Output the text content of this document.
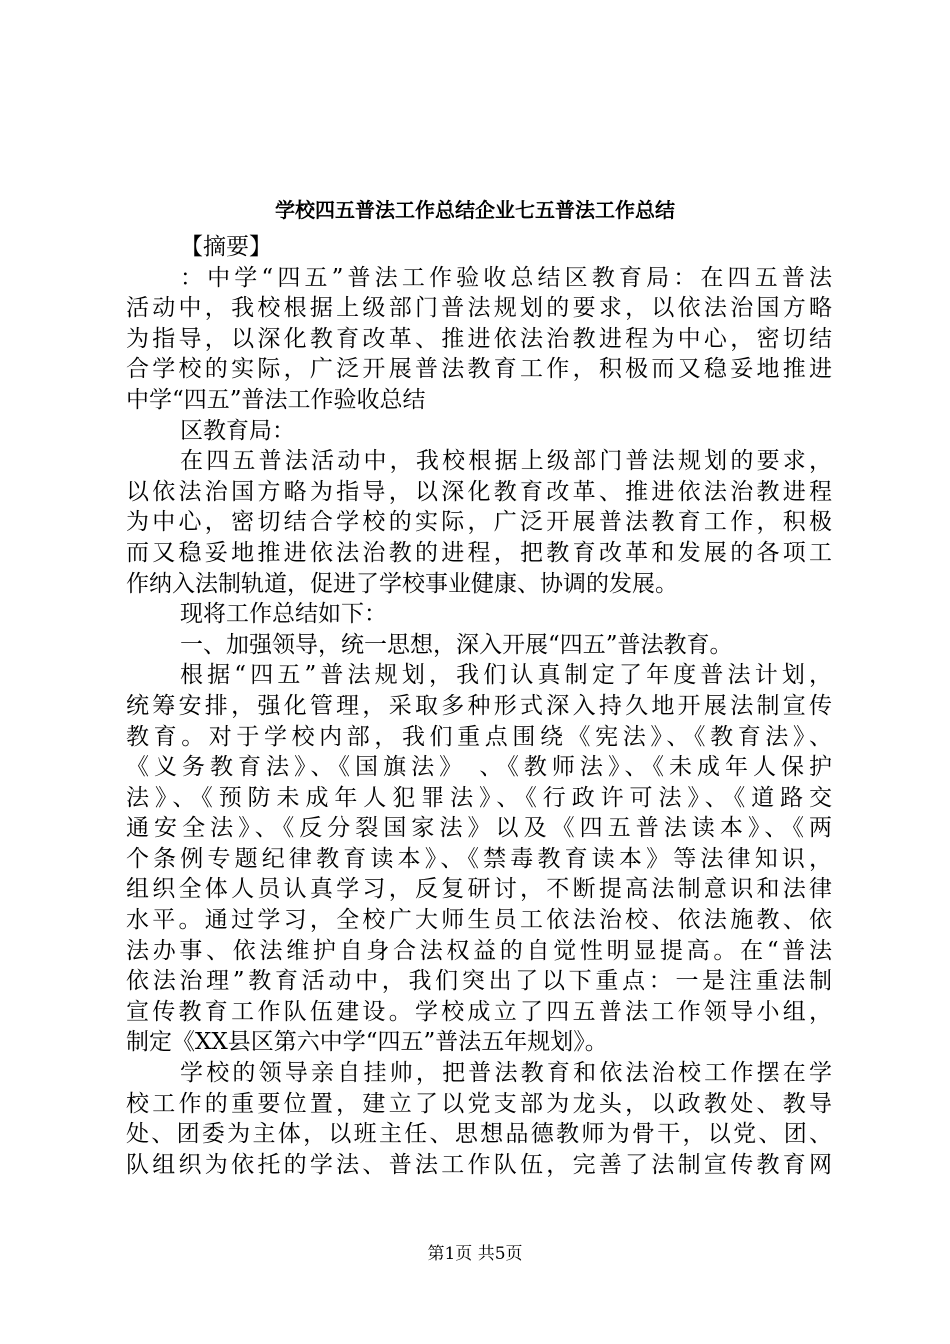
学校四五普法工作总结企业七五普法工作总结
【摘要】
：中学“四五”普法工作验收总结区教育局：在四五普法
活动中，我校根据上级部门普法规划的要求，以依法治国方略
为指导，以深化教育改革、推进依法治教进程为中心，密切结
合学校的实际，广泛开展普法教育工作，积极而又稳妥地推进
中学“四五”普法工作验收总结
区教育局：
在四五普法活动中，我校根据上级部门普法规划的要求，
以依法治国方略为指导，以深化教育改革、推进依法治教进程
为中心，密切结合学校的实际，广泛开展普法教育工作，积极
而又稳妥地推进依法治教的进程，把教育改革和发展的各项工
作纳入法制轨道，促进了学校事业健康、协调的发展。
现将工作总结如下：
一、加强领导，统一思想，深入开展“四五”普法教育。
根据“四五”普法规划，我们认真制定了年度普法计划，
统筹安排，强化管理，采取多种形式深入持久地开展法制宣传
教育。对于学校内部，我们重点围绕《宪法》、《教育法》、
《义务教育法》、《国旗法》 、《教师法》、《未成年人保护
法》、《预防未成年人犯罪法》、《行政许可法》、《道路交
通安全法》、《反分裂国家法》以及《四五普法读本》、《两
个条例专题纪律教育读本》、《禁毒教育读本》等法律知识，
组织全体人员认真学习，反复研讨，不断提高法制意识和法律
水平。通过学习，全校广大师生员工依法治校、依法施教、依
法办事、依法维护自身合法权益的自觉性明显提高。在“普法
依法治理”教育活动中，我们突出了以下重点：一是注重法制
宣传教育工作队伍建设。学校成立了四五普法工作领导小组，
制定《XX县区第六中学“四五”普法五年规划》。
学校的领导亲自挂帅，把普法教育和依法治校工作摆在学
校工作的重要位置，建立了以党支部为龙头，以政教处、教导
处、团委为主体，以班主任、思想品德教师为骨干，以党、团、
队组织为依托的学法、普法工作队伍，完善了法制宣传教育网
第1页 共5页
